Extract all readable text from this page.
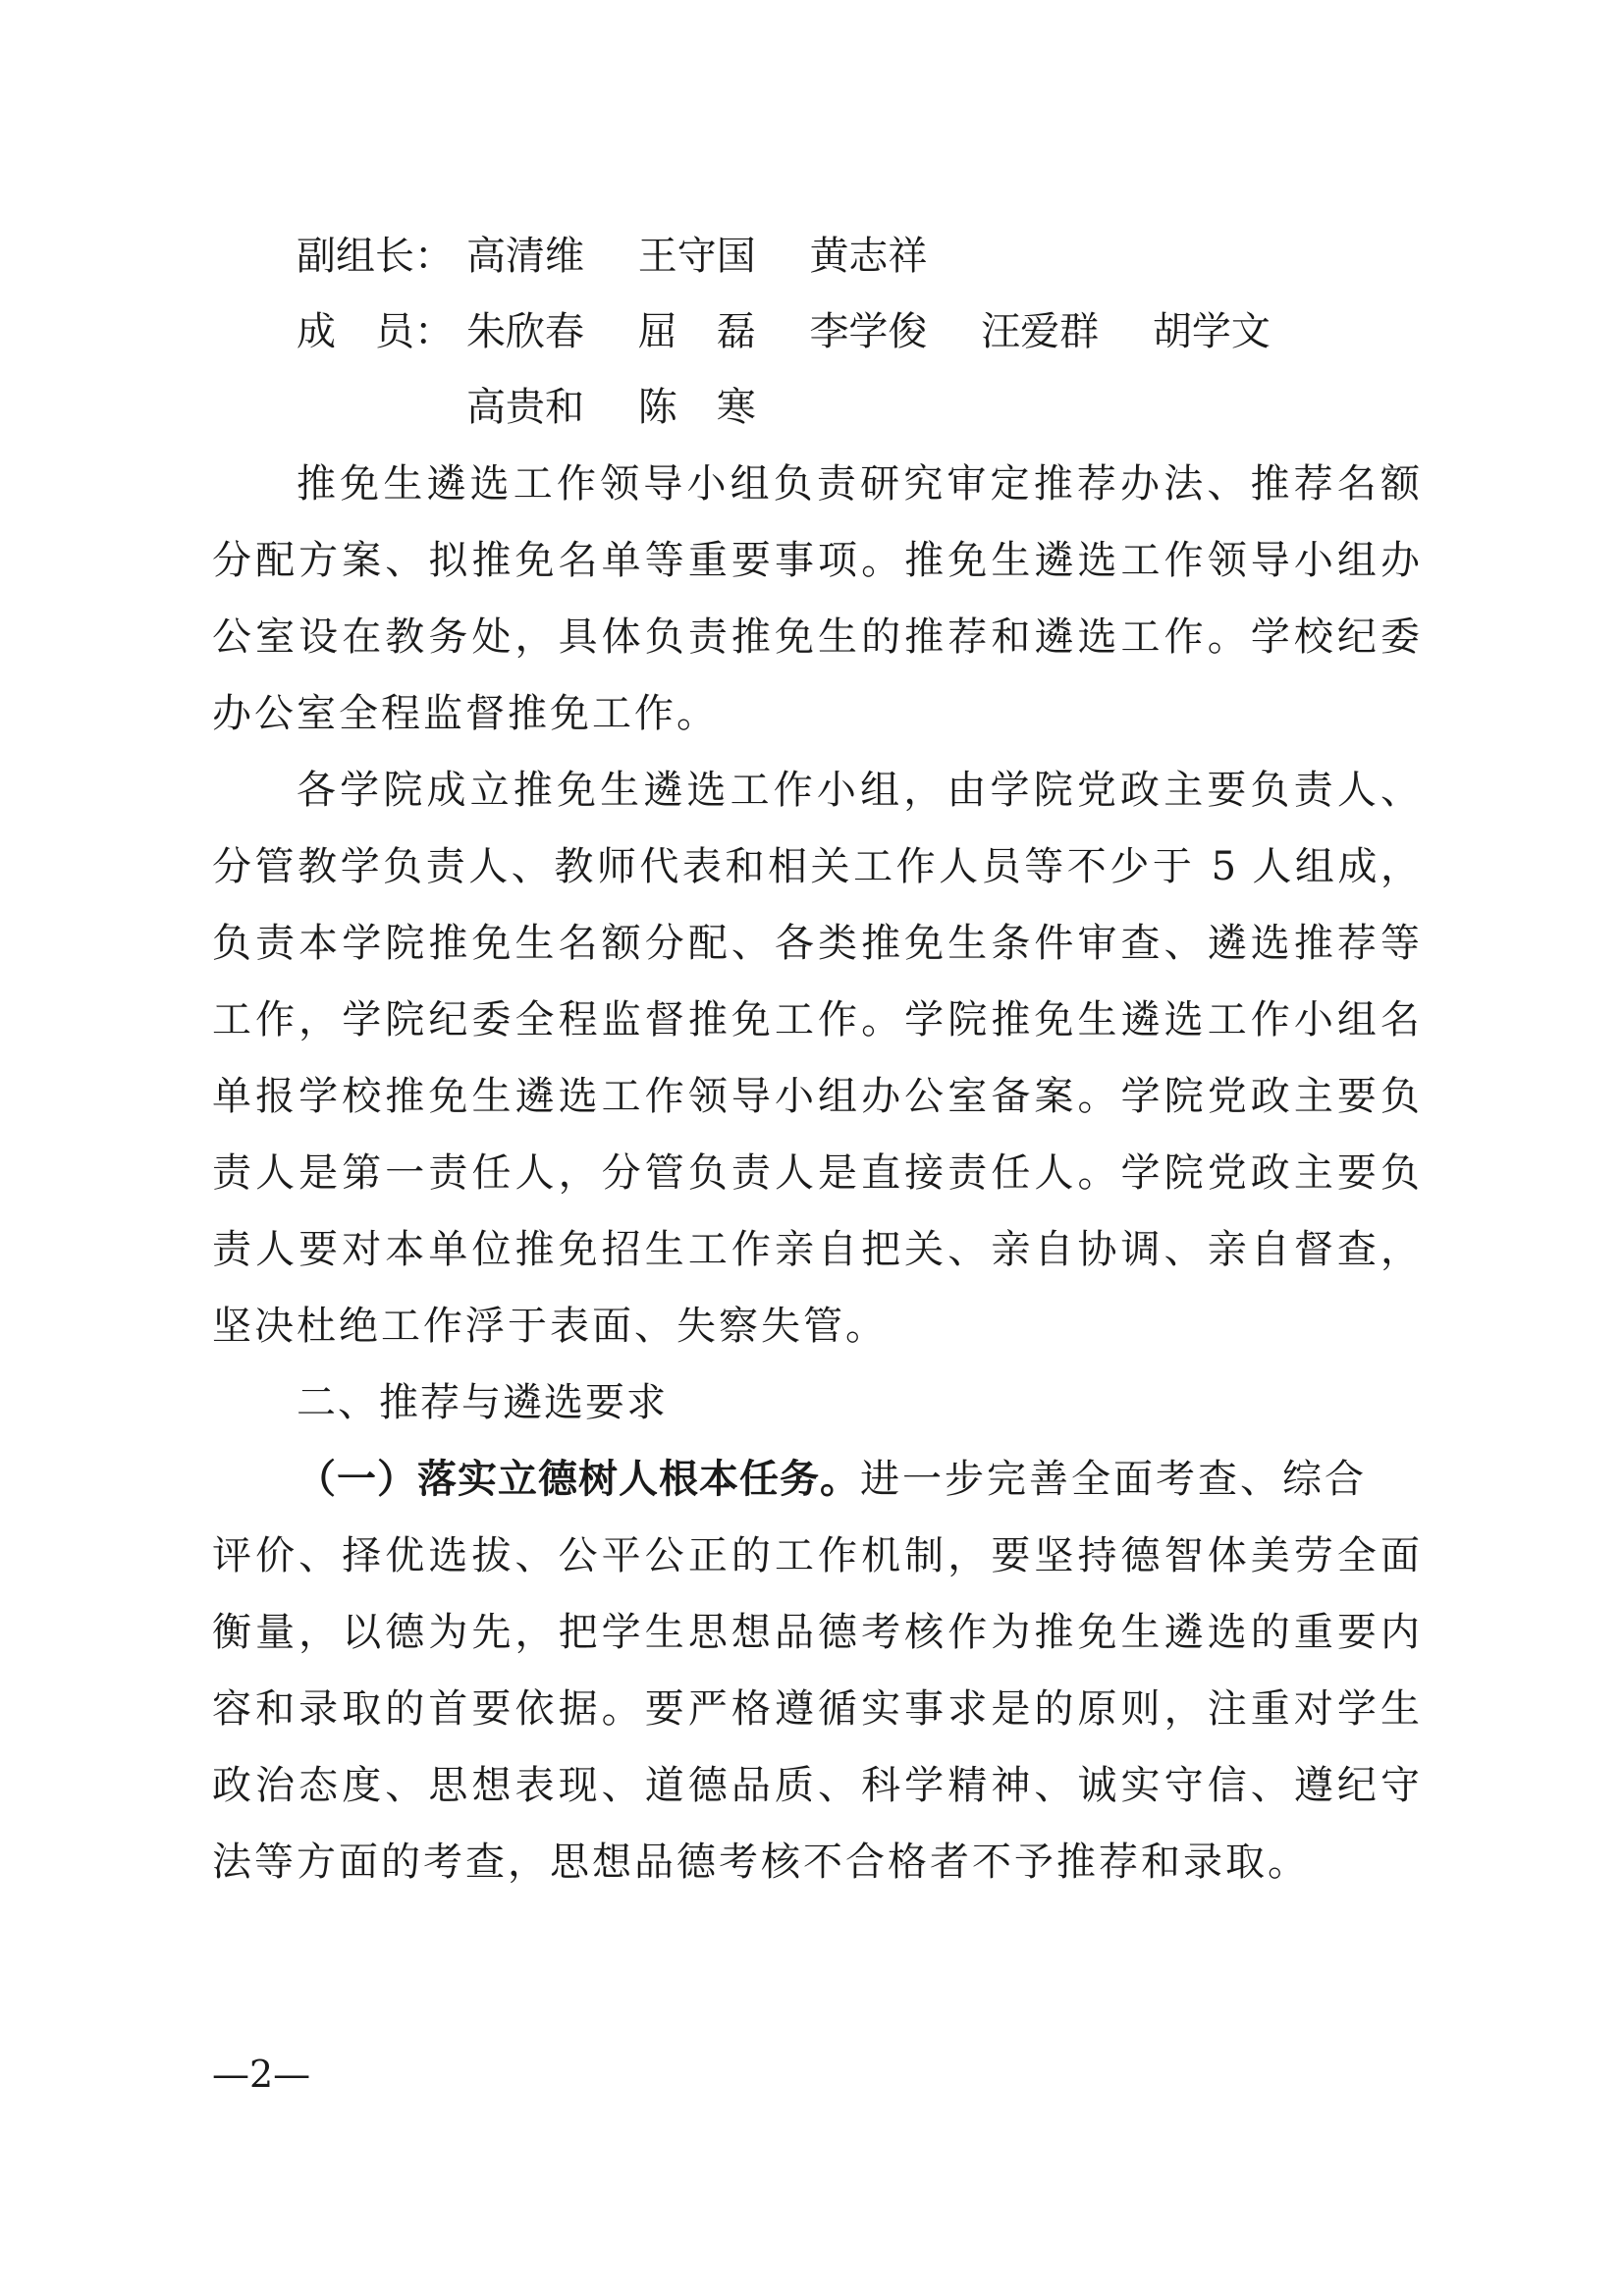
副组长： 高清维 王守国 黄志祥
成　员： 朱欣春 屈　磊 李学俊 汪爱群 胡学文
高贵和 陈　寒
推免生遴选工作领导小组负责研究审定推荐办法、推荐名额
分配方案、拟推免名单等重要事项。推免生遴选工作领导小组办
公室设在教务处，具体负责推免生的推荐和遴选工作。学校纪委
办公室全程监督推免工作。
各学院成立推免生遴选工作小组，由学院党政主要负责人、
分管教学负责人、教师代表和相关工作人员等不少于 5 人组成，
负责本学院推免生名额分配、各类推免生条件审查、遴选推荐等
工作，学院纪委全程监督推免工作。学院推免生遴选工作小组名
单报学校推免生遴选工作领导小组办公室备案。学院党政主要负
责人是第一责任人，分管负责人是直接责任人。学院党政主要负
责人要对本单位推免招生工作亲自把关、亲自协调、亲自督查，
坚决杜绝工作浮于表面、失察失管。
二、推荐与遴选要求
（一）落实立德树人根本任务。进一步完善全面考查、综合
评价、择优选拔、公平公正的工作机制，要坚持德智体美劳全面
衡量，以德为先，把学生思想品德考核作为推免生遴选的重要内
容和录取的首要依据。要严格遵循实事求是的原则，注重对学生
政治态度、思想表现、道德品质、科学精神、诚实守信、遵纪守
法等方面的考查，思想品德考核不合格者不予推荐和录取。
—2—
